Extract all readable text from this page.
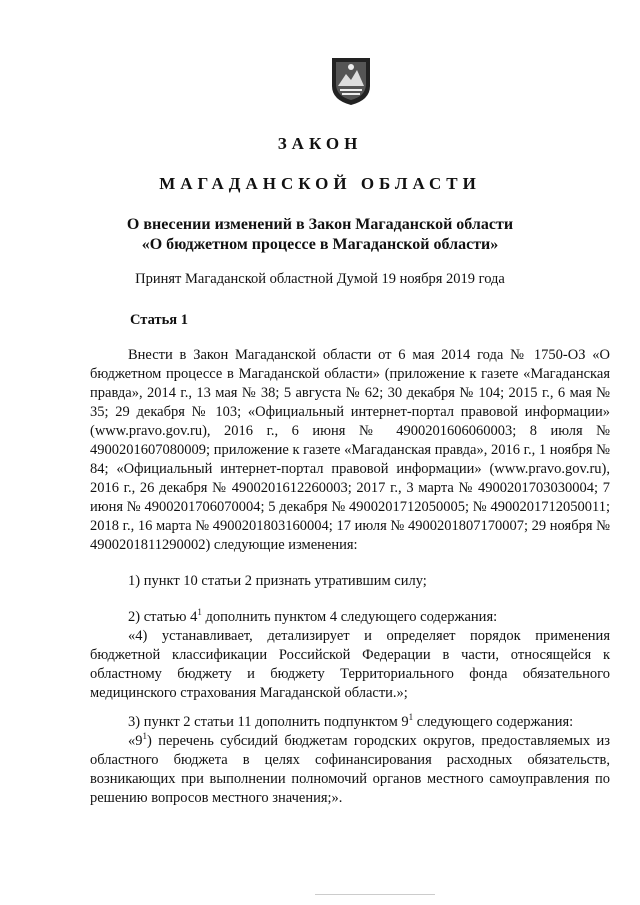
ЗАКОН
МАГАДАНСКОЙ ОБЛАСТИ
О внесении изменений в Закон Магаданской области
«О бюджетном процессе в Магаданской области»
Принят Магаданской областной Думой 19 ноября 2019 года
Статья 1

Внести в Закон Магаданской области от 6 мая 2014 года № 1750-ОЗ «О бюджетном процессе в Магаданской области» (приложение к газете «Магаданская правда», 2014 г., 13 мая № 38; 5 августа № 62; 30 декабря № 104; 2015 г., 6 мая № 35; 29 декабря № 103; «Официальный интернет-портал правовой информации» (www.pravo.gov.ru), 2016 г., 6 июня № 4900201606060003; 8 июля № 4900201607080009; приложение к газете «Магаданская правда», 2016 г., 1 ноября № 84; «Официальный интернет-портал правовой информации» (www.pravo.gov.ru), 2016 г., 26 декабря № 4900201612260003; 2017 г., 3 марта № 4900201703030004; 7 июня № 4900201706070004; 5 декабря № 4900201712050005; № 4900201712050011; 2018 г., 16 марта № 4900201803160004; 17 июля № 4900201807170007; 29 ноября № 4900201811290002) следующие изменения:

1) пункт 10 статьи 2 признать утратившим силу;

2) статью $4^1$ дополнить пунктом 4 следующего содержания:

«4) устанавливает, детализирует и определяет порядок применения бюджетной классификации Российской Федерации в части, относящейся к областному бюджету и бюджету Территориального фонда обязательного медицинского страхования Магаданской области.»;

3) пункт 2 статьи 11 дополнить подпунктом $9^1$ следующего содержания:

«$9^1$) перечень субсидий бюджетам городских округов, предоставляемых из областного бюджета в целях софинансирования расходных обязательств, возникающих при выполнении полномочий органов местного самоуправления по решению вопросов местного значения;».
